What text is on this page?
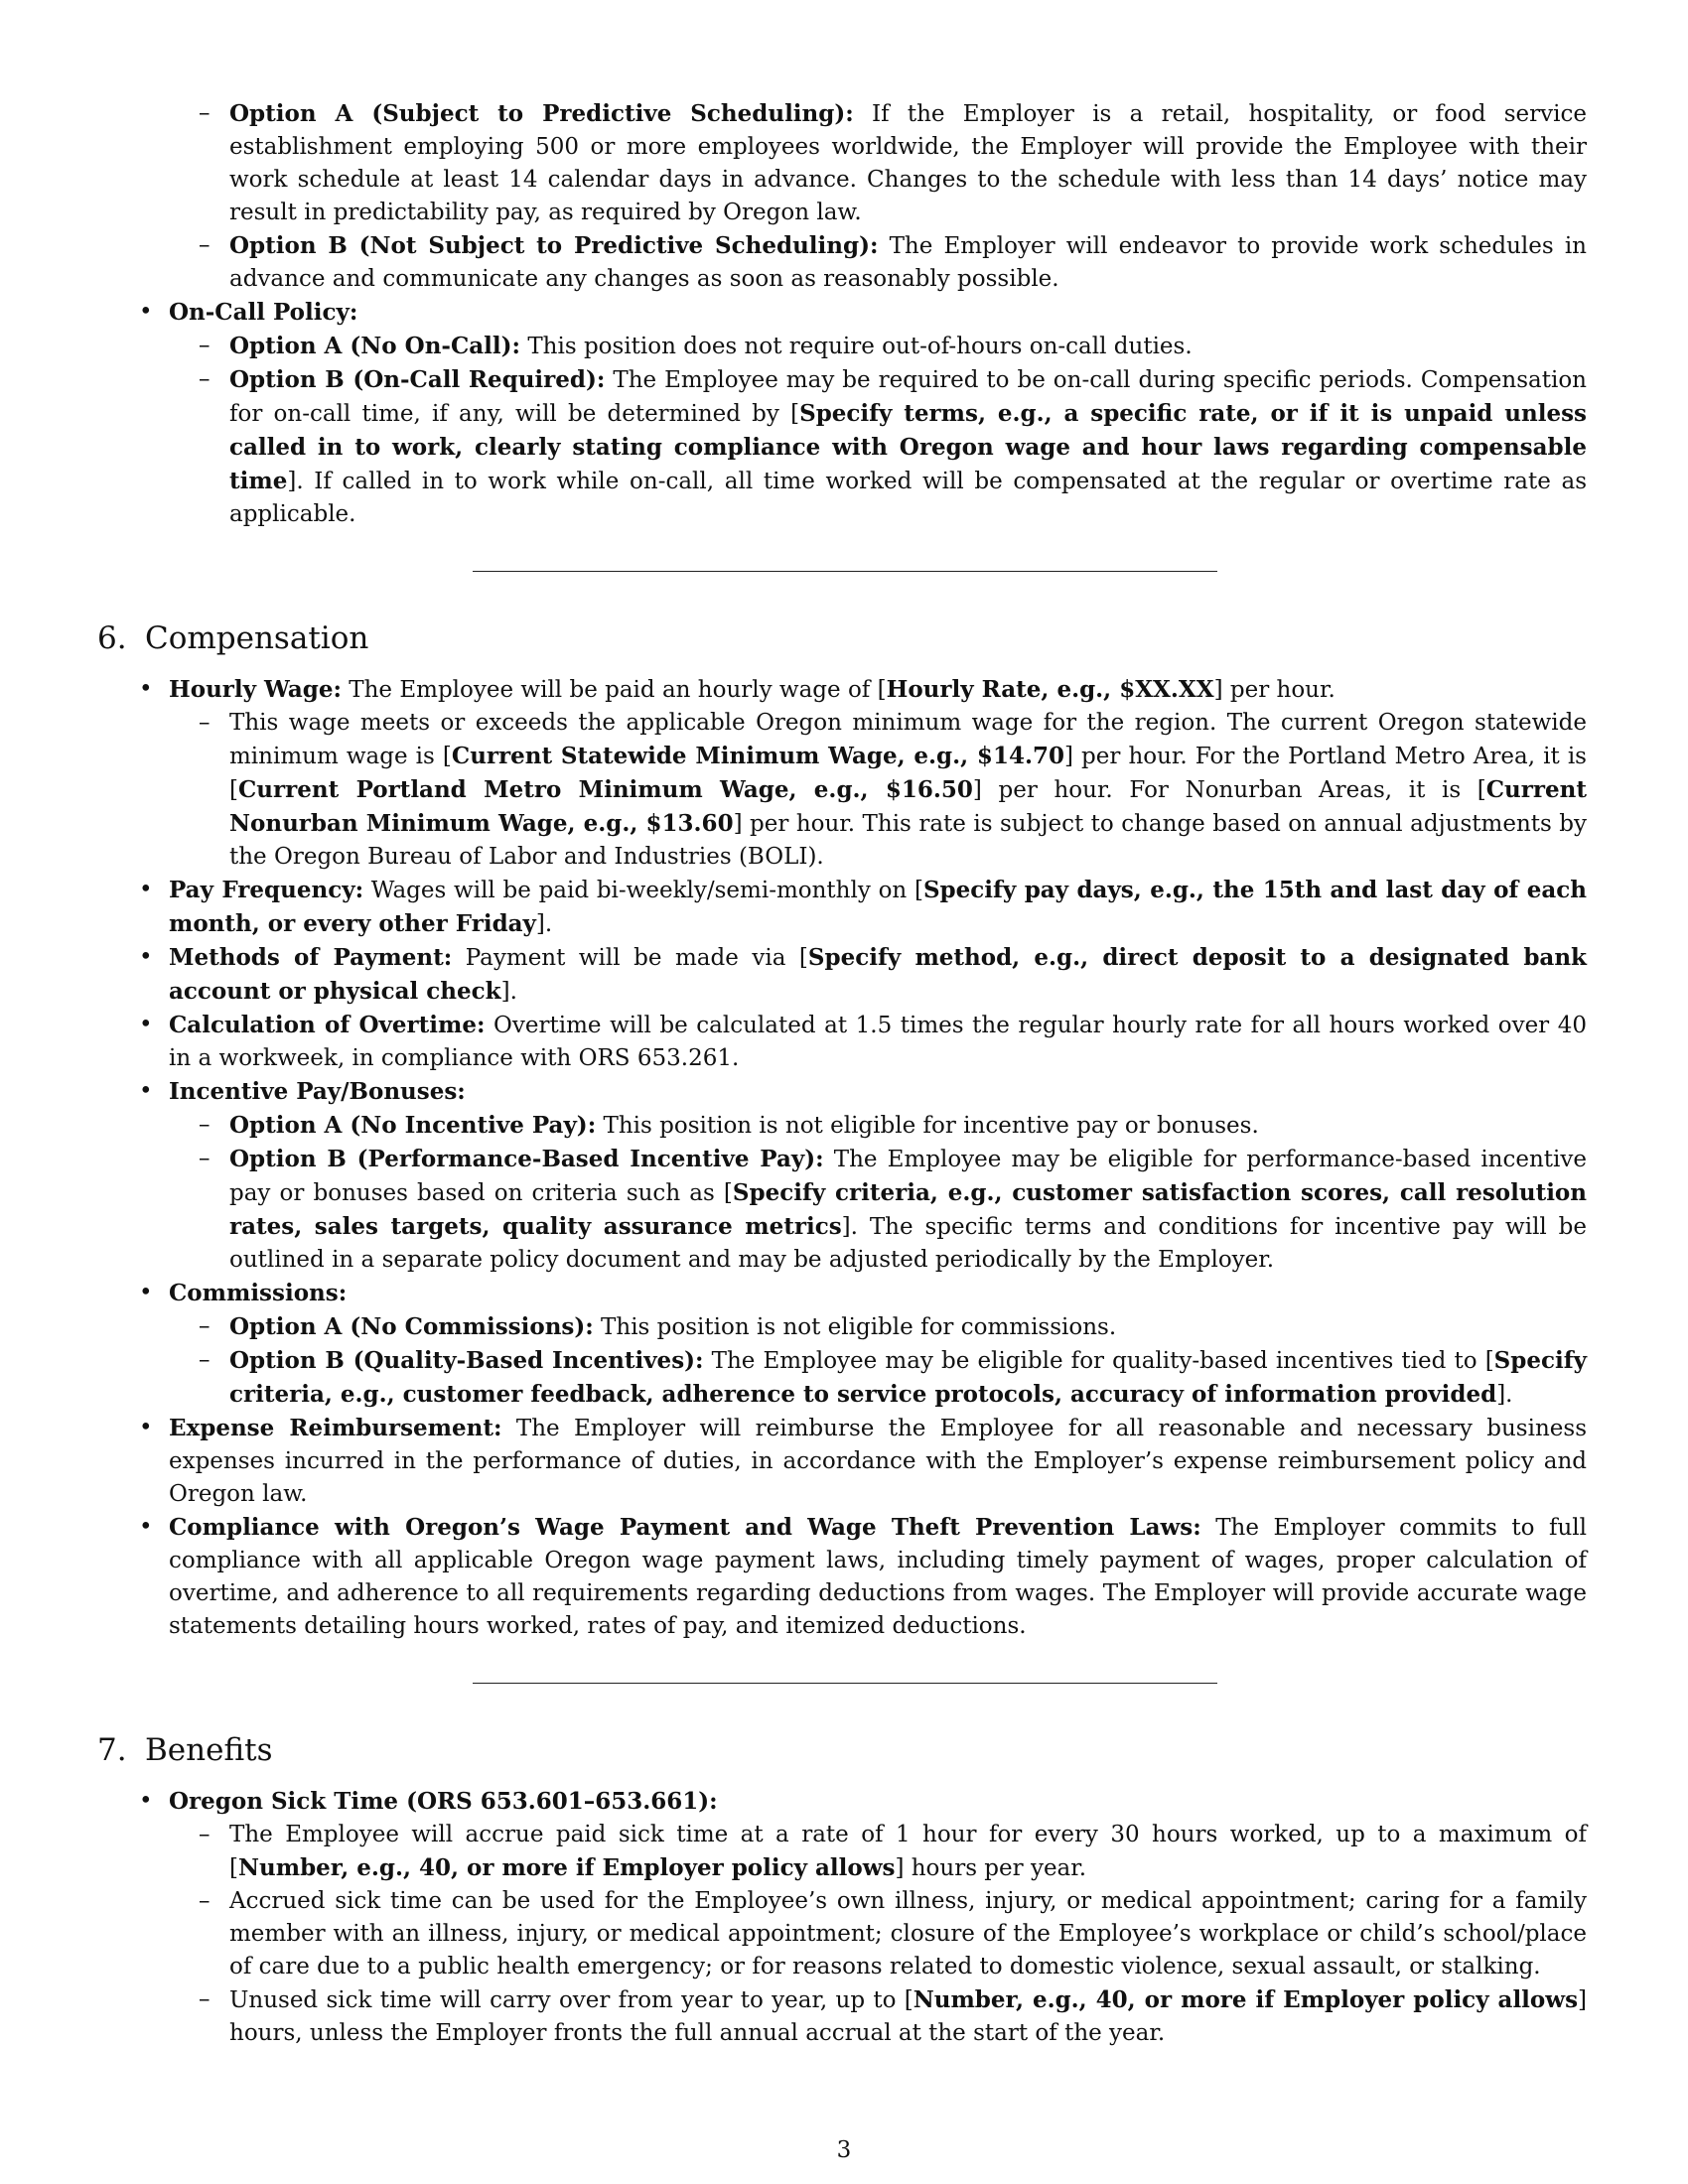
– Option A (Subject to Predictive Scheduling): If the Employer is a retail, hospitality, or food service establishment employing 500 or more employees worldwide, the Employer will provide the Employee with their work schedule at least 14 calendar days in advance. Changes to the schedule with less than 14 days’ notice may result in predictability pay, as required by Oregon law.
– Option B (Not Subject to Predictive Scheduling): The Employer will endeavor to provide work schedules in advance and communicate any changes as soon as reasonably possible.
• On-Call Policy:
– Option A (No On-Call): This position does not require out-of-hours on-call duties.
– Option B (On-Call Required): The Employee may be required to be on-call during specific periods. Compensation for on-call time, if any, will be determined by [Specify terms, e.g., a specific rate, or if it is unpaid unless called in to work, clearly stating compliance with Oregon wage and hour laws regarding compensable time]. If called in to work while on-call, all time worked will be compensated at the regular or overtime rate as applicable.
6. Compensation
• Hourly Wage: The Employee will be paid an hourly wage of [Hourly Rate, e.g., $XX.XX] per hour.
– This wage meets or exceeds the applicable Oregon minimum wage for the region. The current Oregon statewide minimum wage is [Current Statewide Minimum Wage, e.g., $14.70] per hour. For the Portland Metro Area, it is [Current Portland Metro Minimum Wage, e.g., $16.50] per hour. For Nonurban Areas, it is [Current Nonurban Minimum Wage, e.g., $13.60] per hour. This rate is subject to change based on annual adjustments by the Oregon Bureau of Labor and Industries (BOLI).
• Pay Frequency: Wages will be paid bi-weekly/semi-monthly on [Specify pay days, e.g., the 15th and last day of each month, or every other Friday].
• Methods of Payment: Payment will be made via [Specify method, e.g., direct deposit to a designated bank account or physical check].
• Calculation of Overtime: Overtime will be calculated at 1.5 times the regular hourly rate for all hours worked over 40 in a workweek, in compliance with ORS 653.261.
• Incentive Pay/Bonuses:
– Option A (No Incentive Pay): This position is not eligible for incentive pay or bonuses.
– Option B (Performance-Based Incentive Pay): The Employee may be eligible for performance-based incentive pay or bonuses based on criteria such as [Specify criteria, e.g., customer satisfaction scores, call resolution rates, sales targets, quality assurance metrics]. The specific terms and conditions for incentive pay will be outlined in a separate policy document and may be adjusted periodically by the Employer.
• Commissions:
– Option A (No Commissions): This position is not eligible for commissions.
– Option B (Quality-Based Incentives): The Employee may be eligible for quality-based incentives tied to [Specify criteria, e.g., customer feedback, adherence to service protocols, accuracy of information provided].
• Expense Reimbursement: The Employer will reimburse the Employee for all reasonable and necessary business expenses incurred in the performance of duties, in accordance with the Employer’s expense reimbursement policy and Oregon law.
• Compliance with Oregon’s Wage Payment and Wage Theft Prevention Laws: The Employer commits to full compliance with all applicable Oregon wage payment laws, including timely payment of wages, proper calculation of overtime, and adherence to all requirements regarding deductions from wages. The Employer will provide accurate wage statements detailing hours worked, rates of pay, and itemized deductions.
7. Benefits
• Oregon Sick Time (ORS 653.601–653.661):
– The Employee will accrue paid sick time at a rate of 1 hour for every 30 hours worked, up to a maximum of [Number, e.g., 40, or more if Employer policy allows] hours per year.
– Accrued sick time can be used for the Employee’s own illness, injury, or medical appointment; caring for a family member with an illness, injury, or medical appointment; closure of the Employee’s workplace or child’s school/place of care due to a public health emergency; or for reasons related to domestic violence, sexual assault, or stalking.
– Unused sick time will carry over from year to year, up to [Number, e.g., 40, or more if Employer policy allows] hours, unless the Employer fronts the full annual accrual at the start of the year.
3
